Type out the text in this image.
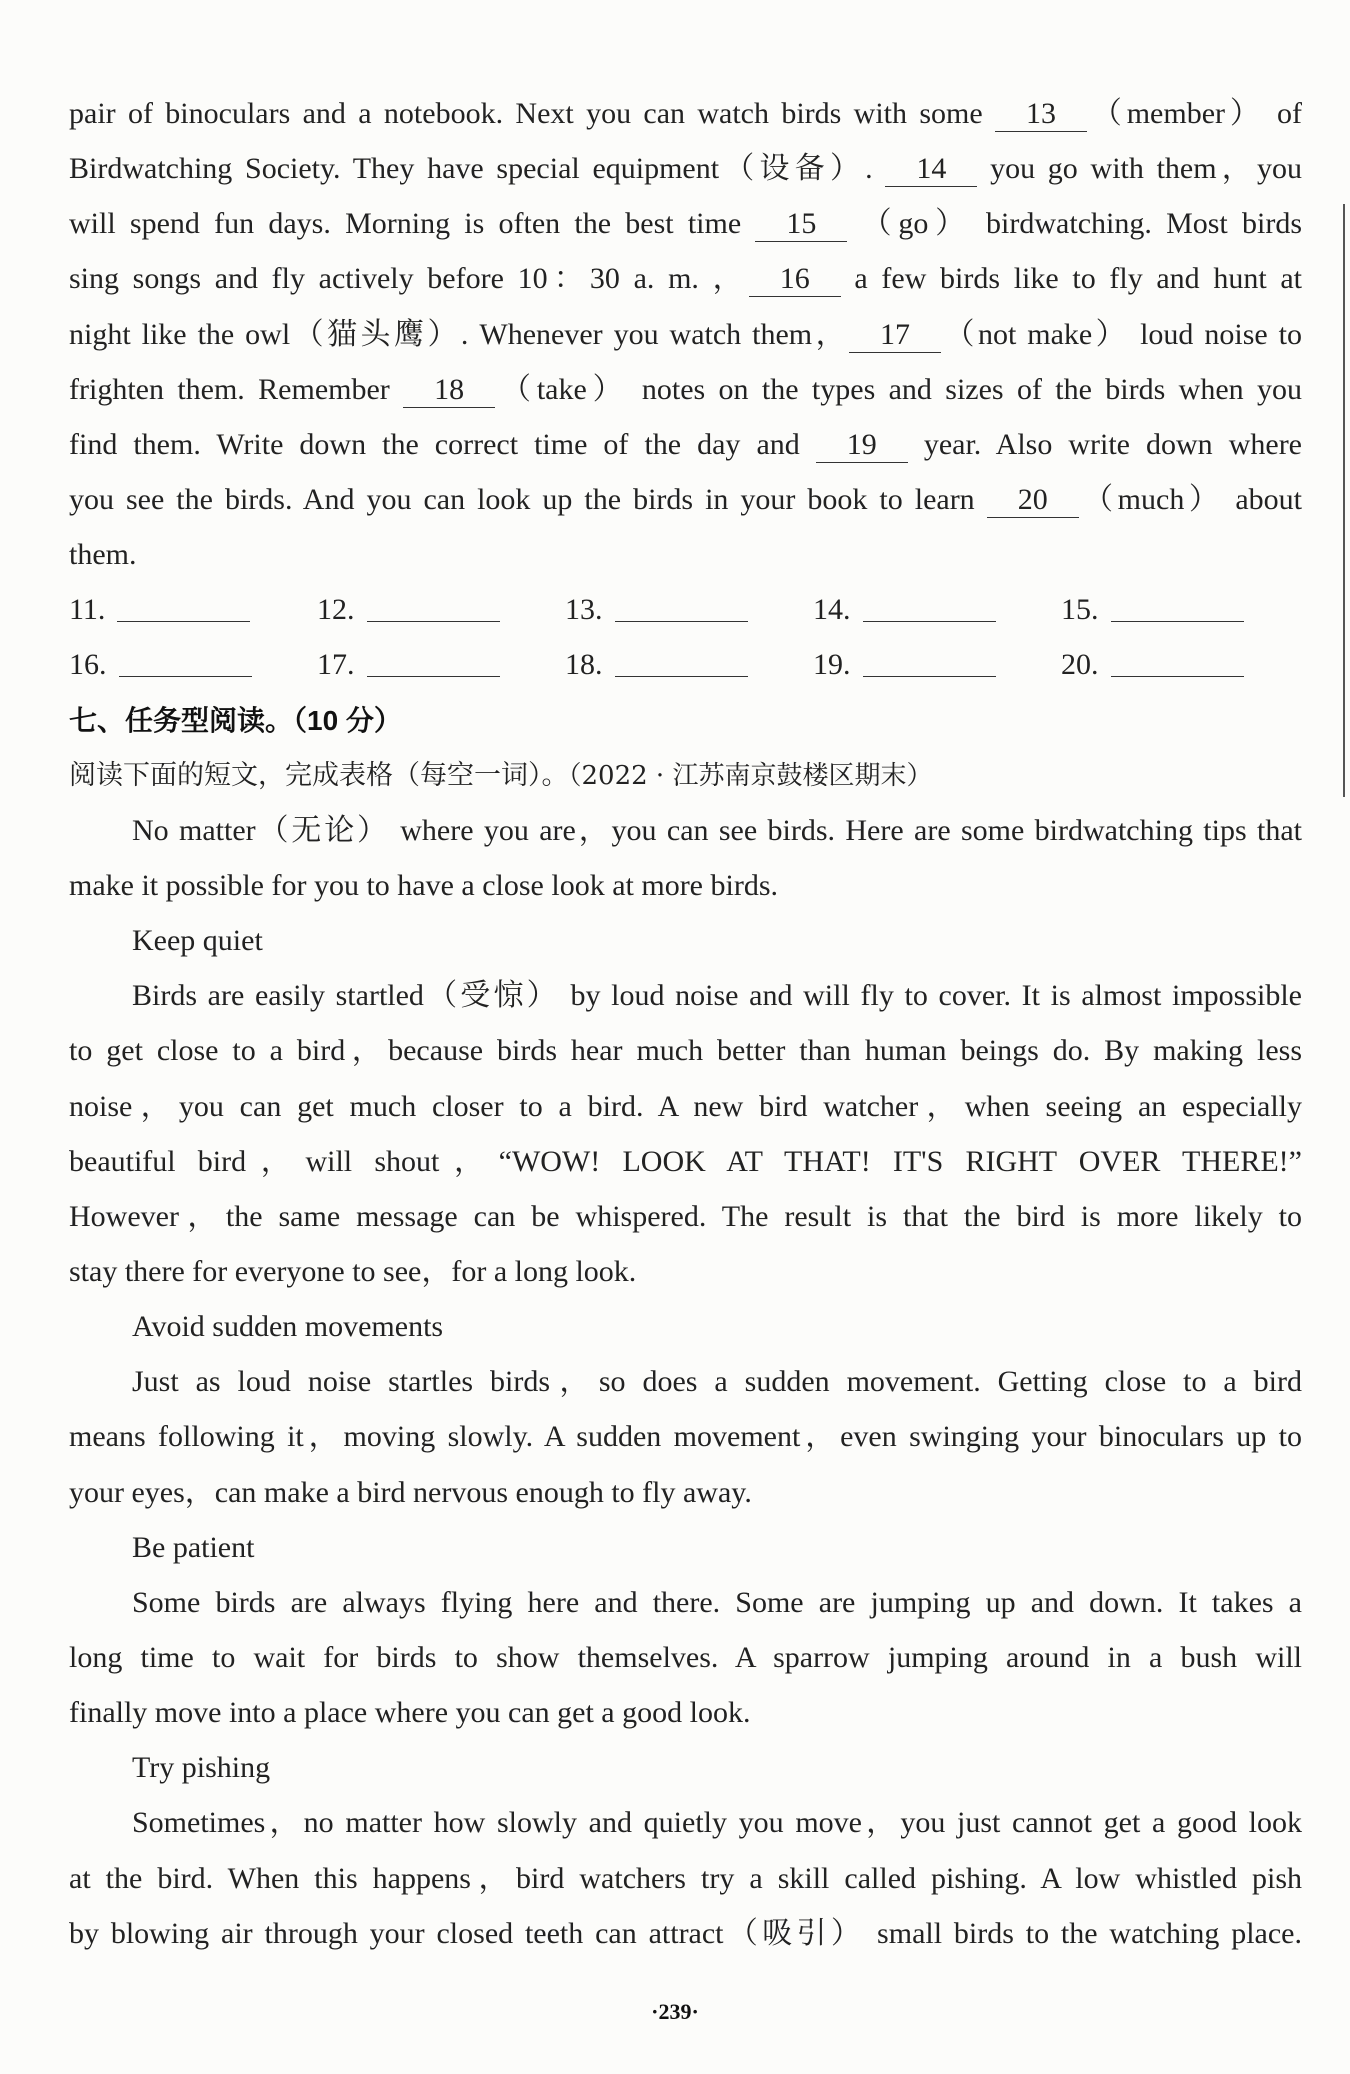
pair of binoculars and a notebook. Next you can watch birds with some 13 （member） of
Birdwatching Society. They have special equipment（设备）. 14 you go with them，you
will spend fun days. Morning is often the best time 15 （go） birdwatching. Most birds
sing songs and fly actively before 10：30 a. m. ， 16 a few birds like to fly and hunt at
night like the owl（猫头鹰）. Whenever you watch them， 17 （not make） loud noise to
frighten them. Remember 18 （take） notes on the types and sizes of the birds when you
find them. Write down the correct time of the day and 19 year. Also write down where
you see the birds. And you can look up the birds in your book to learn 20 （much） about
them.
11.	12.	13.	14.	15.
16.	17.	18.	19.	20.
七、任务型阅读。（10 分）
阅读下面的短文，完成表格（每空一词）。（2022 · 江苏南京鼓楼区期末）
No matter（无论） where you are，you can see birds. Here are some birdwatching tips that
make it possible for you to have a close look at more birds.
Keep quiet
Birds are easily startled（受惊） by loud noise and will fly to cover. It is almost impossible
to get close to a bird，because birds hear much better than human beings do. By making less
noise，you can get much closer to a bird. A new bird watcher，when seeing an especially
beautiful bird，will shout，“WOW! LOOK AT THAT! IT'S RIGHT OVER THERE!”
However，the same message can be whispered. The result is that the bird is more likely to
stay there for everyone to see，for a long look.
Avoid sudden movements
Just as loud noise startles birds，so does a sudden movement. Getting close to a bird
means following it，moving slowly. A sudden movement，even swinging your binoculars up to
your eyes，can make a bird nervous enough to fly away.
Be patient
Some birds are always flying here and there. Some are jumping up and down. It takes a
long time to wait for birds to show themselves. A sparrow jumping around in a bush will
finally move into a place where you can get a good look.
Try pishing
Sometimes，no matter how slowly and quietly you move，you just cannot get a good look
at the bird. When this happens，bird watchers try a skill called pishing. A low whistled pish
by blowing air through your closed teeth can attract（吸引） small birds to the watching place.
·239·
